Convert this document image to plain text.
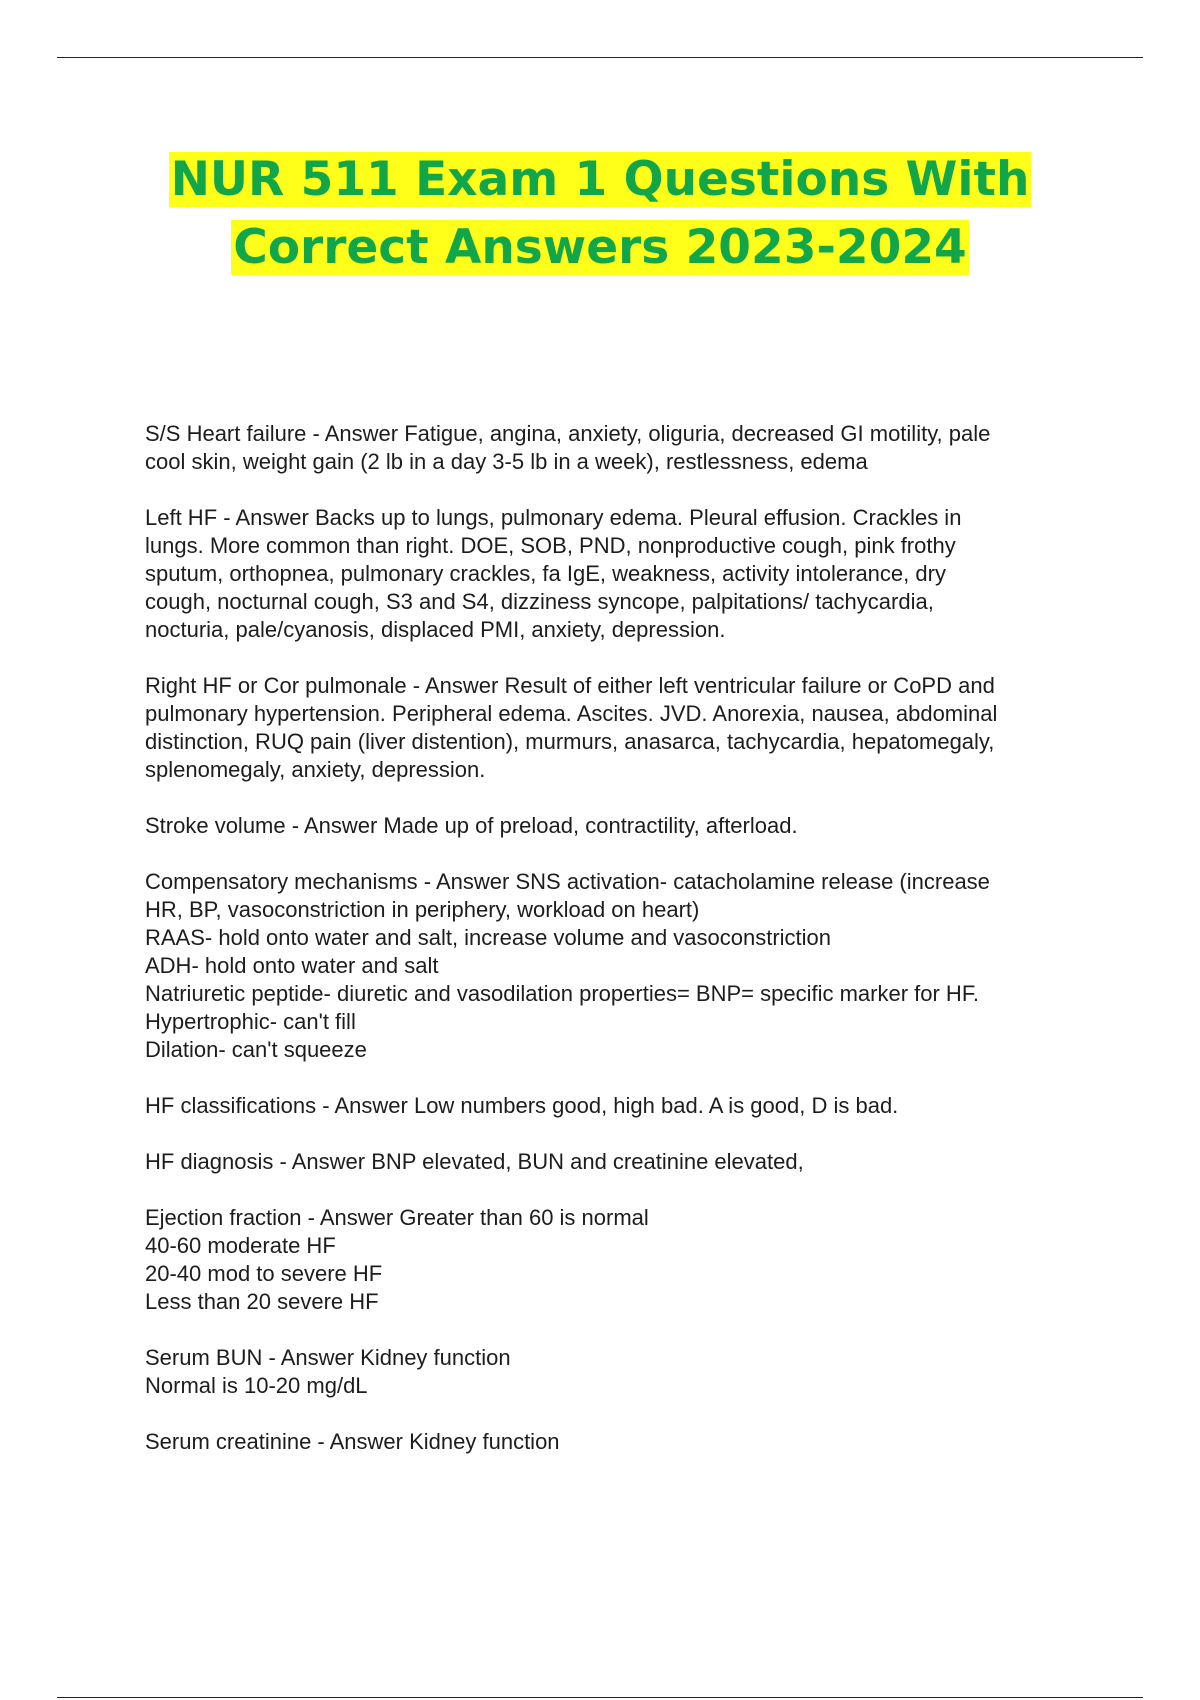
NUR 511 Exam 1 Questions With
Correct Answers 2023-2024
S/S Heart failure - Answer Fatigue, angina, anxiety, oliguria, decreased GI motility, pale
cool skin, weight gain (2 lb in a day 3-5 lb in a week), restlessness, edema
Left HF - Answer Backs up to lungs, pulmonary edema. Pleural effusion. Crackles in
lungs. More common than right. DOE, SOB, PND, nonproductive cough, pink frothy
sputum, orthopnea, pulmonary crackles, fa IgE, weakness, activity intolerance, dry
cough, nocturnal cough, S3 and S4, dizziness syncope, palpitations/ tachycardia,
nocturia, pale/cyanosis, displaced PMI, anxiety, depression.
Right HF or Cor pulmonale - Answer Result of either left ventricular failure or CoPD and
pulmonary hypertension. Peripheral edema. Ascites. JVD. Anorexia, nausea, abdominal
distinction, RUQ pain (liver distention), murmurs, anasarca, tachycardia, hepatomegaly,
splenomegaly, anxiety, depression.
Stroke volume - Answer Made up of preload, contractility, afterload.
Compensatory mechanisms - Answer SNS activation- catacholamine release (increase
HR, BP, vasoconstriction in periphery, workload on heart)
RAAS- hold onto water and salt, increase volume and vasoconstriction
ADH- hold onto water and salt
Natriuretic peptide- diuretic and vasodilation properties= BNP= specific marker for HF.
Hypertrophic- can't fill
Dilation- can't squeeze
HF classifications - Answer Low numbers good, high bad. A is good, D is bad.
HF diagnosis - Answer BNP elevated, BUN and creatinine elevated,
Ejection fraction - Answer Greater than 60 is normal
40-60 moderate HF
20-40 mod to severe HF
Less than 20 severe HF
Serum BUN - Answer Kidney function
Normal is 10-20 mg/dL
Serum creatinine - Answer Kidney function
